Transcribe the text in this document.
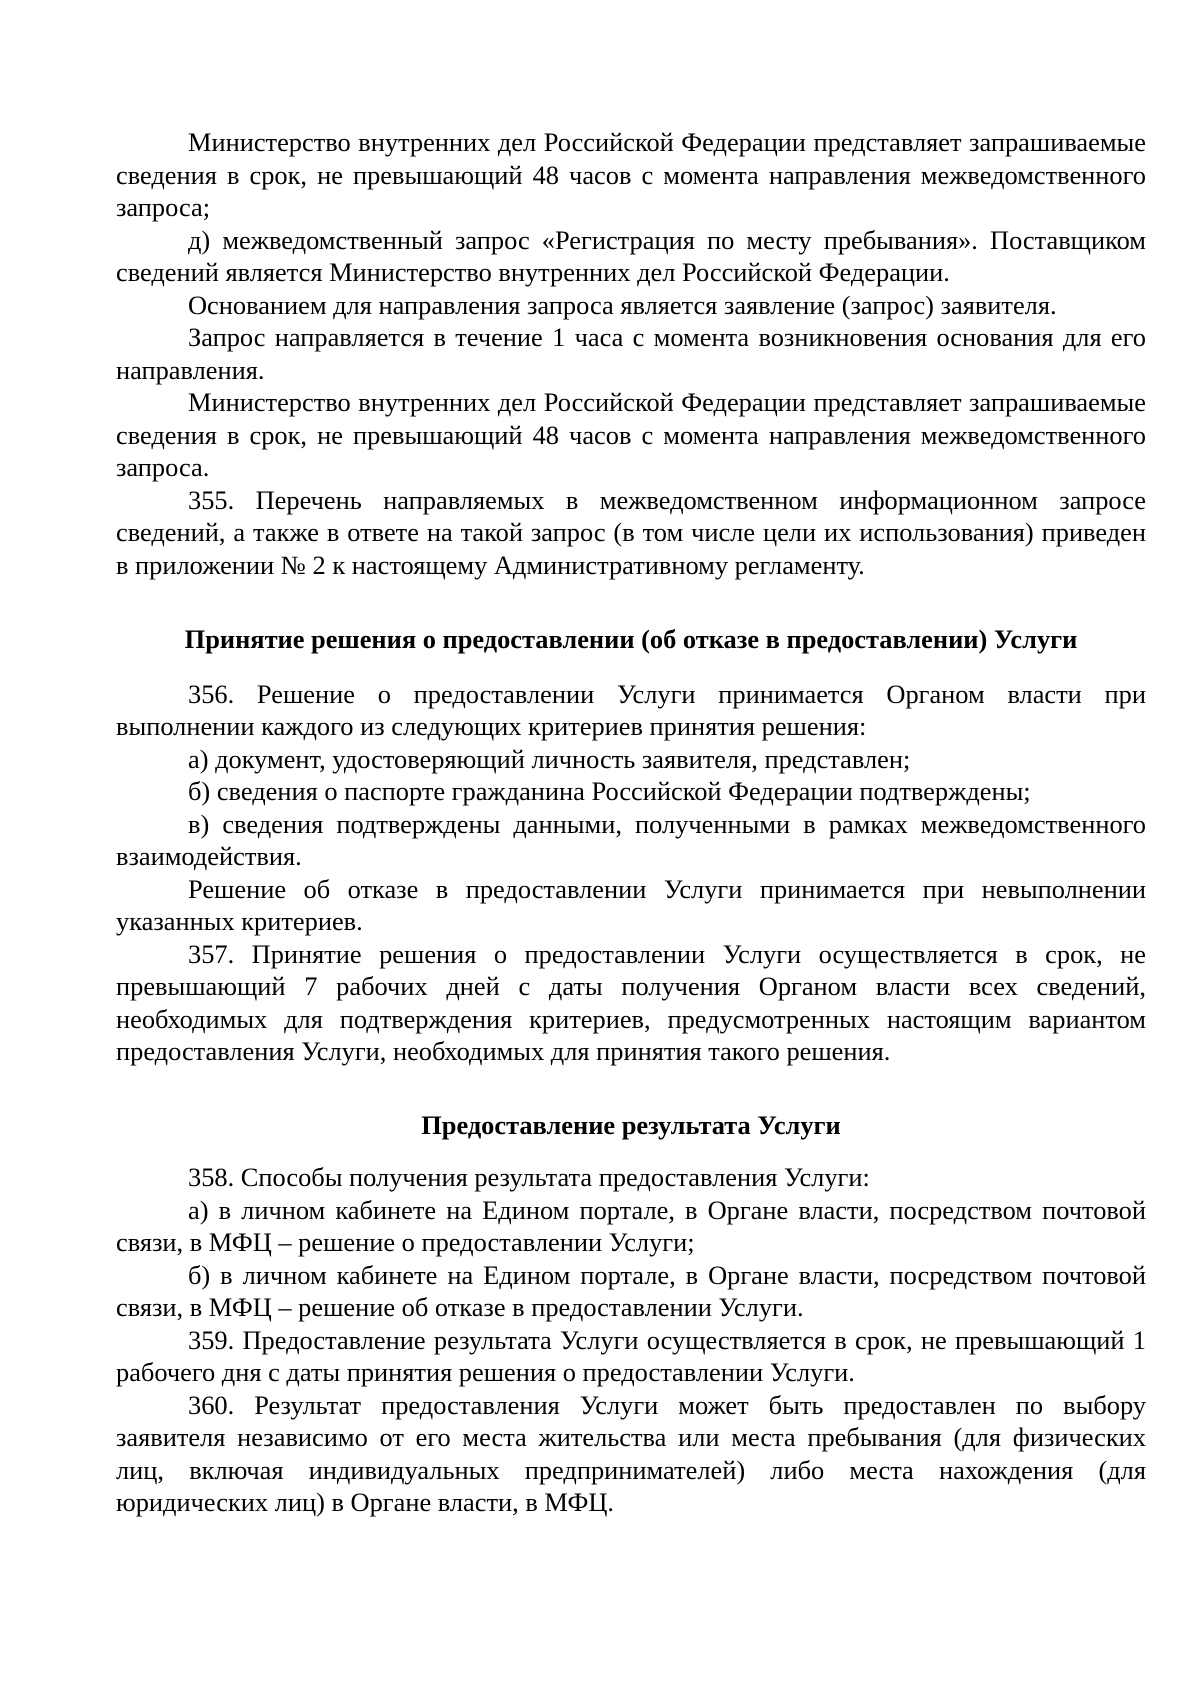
Министерство внутренних дел Российской Федерации представляет запрашиваемые сведения в срок, не превышающий 48 часов с момента направления межведомственного запроса;

д) межведомственный запрос «Регистрация по месту пребывания». Поставщиком сведений является Министерство внутренних дел Российской Федерации.

Основанием для направления запроса является заявление (запрос) заявителя.

Запрос направляется в течение 1 часа с момента возникновения основания для его направления.

Министерство внутренних дел Российской Федерации представляет запрашиваемые сведения в срок, не превышающий 48 часов с момента направления межведомственного запроса.

355. Перечень направляемых в межведомственном информационном запросе сведений, а также в ответе на такой запрос (в том числе цели их использования) приведен в приложении № 2 к настоящему Административному регламенту.

Принятие решения о предоставлении (об отказе в предоставлении) Услуги

356. Решение о предоставлении Услуги принимается Органом власти при выполнении каждого из следующих критериев принятия решения:

а) документ, удостоверяющий личность заявителя, представлен;

б) сведения о паспорте гражданина Российской Федерации подтверждены;

в) сведения подтверждены данными, полученными в рамках межведомственного взаимодействия.

Решение об отказе в предоставлении Услуги принимается при невыполнении указанных критериев.

357. Принятие решения о предоставлении Услуги осуществляется в срок, не превышающий 7 рабочих дней с даты получения Органом власти всех сведений, необходимых для подтверждения критериев, предусмотренных настоящим вариантом предоставления Услуги, необходимых для принятия такого решения.

Предоставление результата Услуги

358. Способы получения результата предоставления Услуги:

а) в личном кабинете на Едином портале, в Органе власти, посредством почтовой связи, в МФЦ – решение о предоставлении Услуги;

б) в личном кабинете на Едином портале, в Органе власти, посредством почтовой связи, в МФЦ – решение об отказе в предоставлении Услуги.

359. Предоставление результата Услуги осуществляется в срок, не превышающий 1 рабочего дня с даты принятия решения о предоставлении Услуги.

360. Результат предоставления Услуги может быть предоставлен по выбору заявителя независимо от его места жительства или места пребывания (для физических лиц, включая индивидуальных предпринимателей) либо места нахождения (для юридических лиц) в Органе власти, в МФЦ.
